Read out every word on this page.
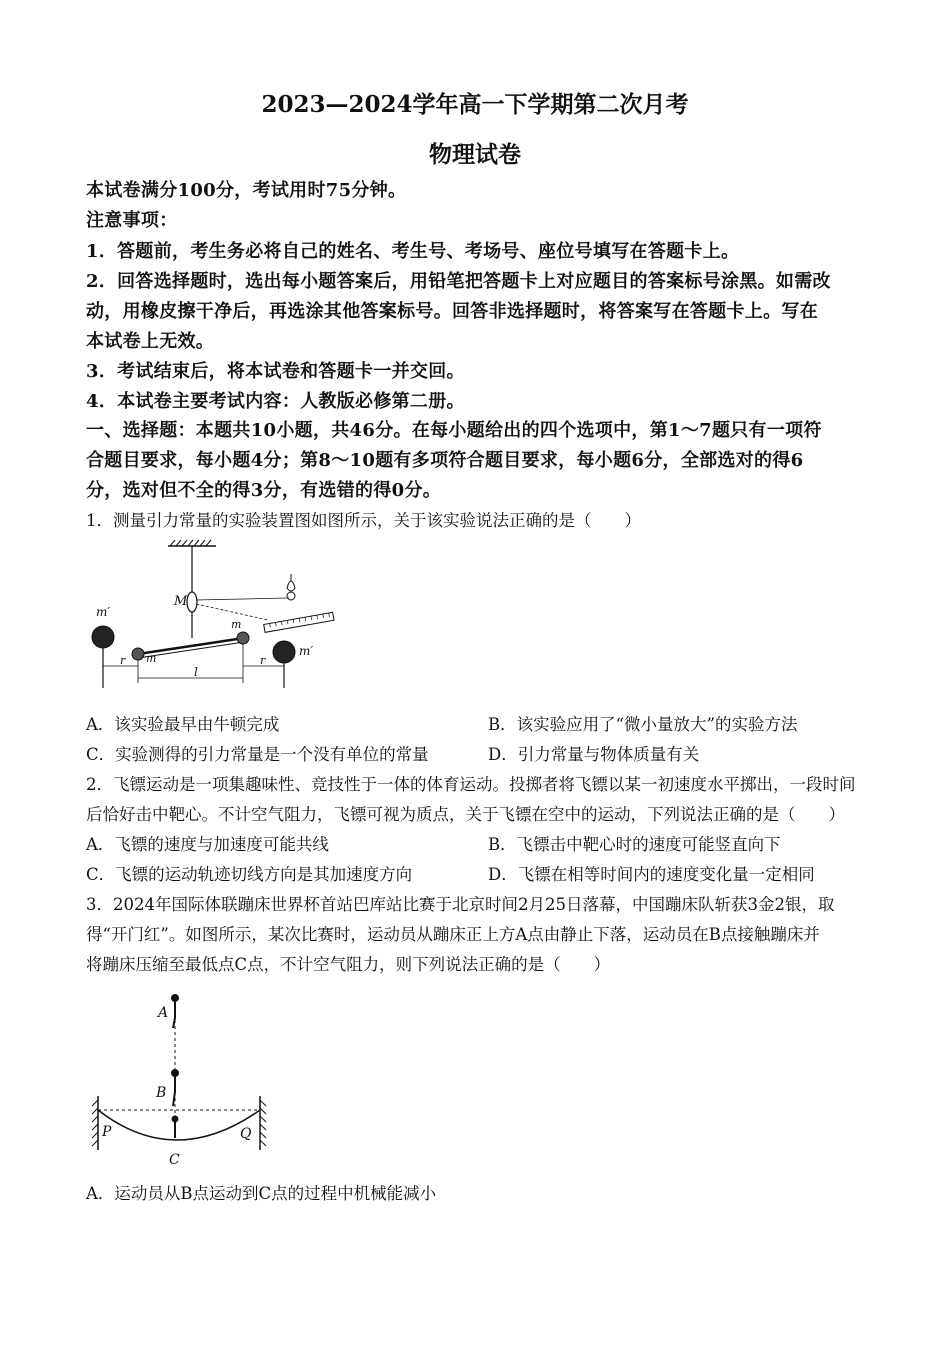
2023—2024学年高一下学期第二次月考
物理试卷
本试卷满分100分，考试用时75分钟。
注意事项：
1．答题前，考生务必将自己的姓名、考生号、考场号、座位号填写在答题卡上。
2．回答选择题时，选出每小题答案后，用铅笔把答题卡上对应题目的答案标号涂黑。如需改
动，用橡皮擦干净后，再选涂其他答案标号。回答非选择题时，将答案写在答题卡上。写在
本试卷上无效。
3．考试结束后，将本试卷和答题卡一并交回。
4．本试卷主要考试内容：人教版必修第二册。
一、选择题：本题共10小题，共46分。在每小题给出的四个选项中，第1～7题只有一项符
合题目要求，每小题4分；第8～10题有多项符合题目要求，每小题6分，全部选对的得6
分，选对但不全的得3分，有选错的得0分。
1．测量引力常量的实验装置图如图所示，关于该实验说法正确的是（　　）
M
m
m
m′
m′
r	r
l
A．该实验最早由牛顿完成	B．该实验应用了“微小量放大”的实验方法
C．实验测得的引力常量是一个没有单位的常量	D．引力常量与物体质量有关
2．飞镖运动是一项集趣味性、竞技性于一体的体育运动。投掷者将飞镖以某一初速度水平掷出，一段时间
后恰好击中靶心。不计空气阻力，飞镖可视为质点，关于飞镖在空中的运动，下列说法正确的是（　　）
A．飞镖的速度与加速度可能共线	B．飞镖击中靶心时的速度可能竖直向下
C．飞镖的运动轨迹切线方向是其加速度方向	D．飞镖在相等时间内的速度变化量一定相同
3．2024年国际体联蹦床世界杯首站巴库站比赛于北京时间2月25日落幕，中国蹦床队斩获3金2银，取
得“开门红”。如图所示，某次比赛时，运动员从蹦床正上方A点由静止下落，运动员在B点接触蹦床并
将蹦床压缩至最低点C点，不计空气阻力，则下列说法正确的是（　　）
A
B
P	Q
C
A．运动员从B点运动到C点的过程中机械能减小
